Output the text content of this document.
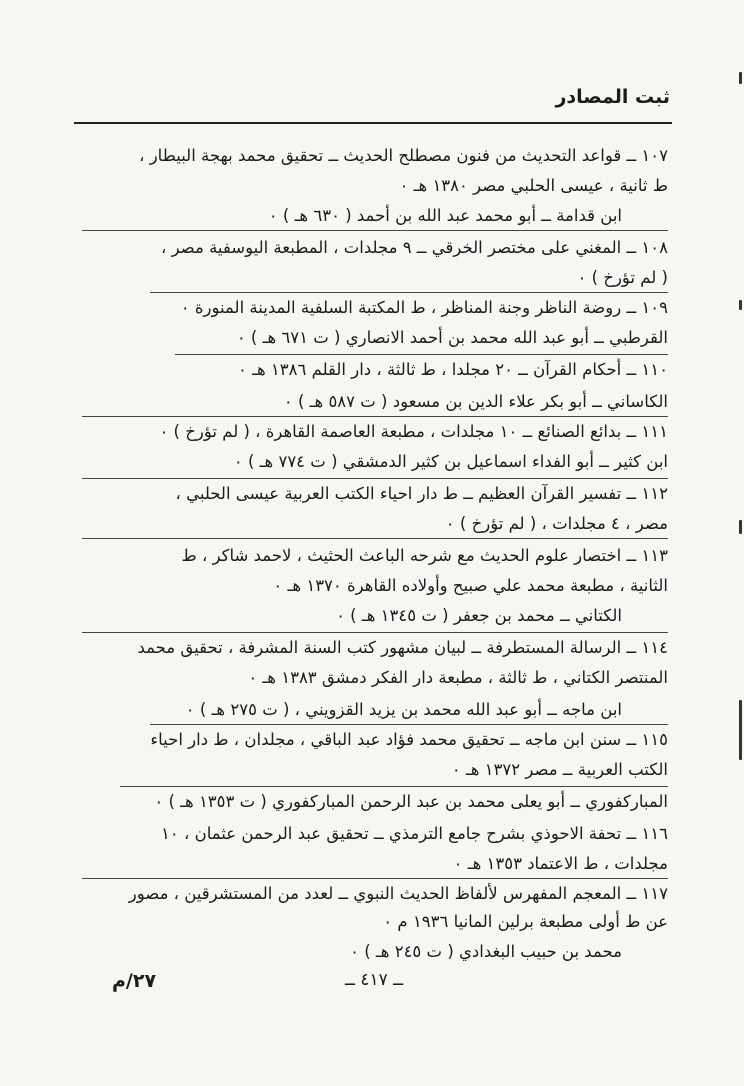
ثبت المصادر
١٠٧ ــ قواعد التحديث من فنون مصطلح الحديث ــ تحقيق محمد بهجة البيطار ،
ط ثانية ، عيسى الحلبي مصر ١٣٨٠ هـ ٠
ابن قدامة ــ أبو محمد عبد الله بن أحمد ( ٦٣٠ هـ ) ٠
١٠٨ ــ المغني على مختصر الخرقي ــ ٩ مجلدات ، المطبعة اليوسفية مصر ،
( لم تؤرخ ) ٠
١٠٩ ــ روضة الناظر وجنة المناظر ، ط المكتبة السلفية المدينة المنورة ٠
القرطبي ــ أبو عبد الله محمد بن أحمد الانصاري ( ت ٦٧١ هـ ) ٠
١١٠ ــ أحكام القرآن ــ ٢٠ مجلدا ، ط ثالثة ، دار القلم ١٣٨٦ هـ ٠
الكاساني ــ أبو بكر علاء الدين بن مسعود ( ت ٥٨٧ هـ ) ٠
١١١ ــ بدائع الصنائع ــ ١٠ مجلدات ، مطبعة العاصمة القاهرة ، ( لم تؤرخ ) ٠
ابن كثير ــ أبو الفداء اسماعيل بن كثير الدمشقي ( ت ٧٧٤ هـ ) ٠
١١٢ ــ تفسير القرآن العظيم ــ ط دار احياء الكتب العربية عيسى الحلبي ،
مصر ، ٤ مجلدات ، ( لم تؤرخ ) ٠
١١٣ ــ اختصار علوم الحديث مع شرحه الباعث الحثيث ، لاحمد شاكر ، ط
الثانية ، مطبعة محمد علي صبيح وأولاده القاهرة ١٣٧٠ هـ ٠
الكتاني ــ محمد بن جعفر ( ت ١٣٤٥ هـ ) ٠
١١٤ ــ الرسالة المستطرفة ــ لبيان مشهور كتب السنة المشرفة ، تحقيق محمد
المنتصر الكتاني ، ط ثالثة ، مطبعة دار الفكر دمشق ١٣٨٣ هـ ٠
ابن ماجه ــ أبو عبد الله محمد بن يزيد القزويني ، ( ت ٢٧٥ هـ ) ٠
١١٥ ــ سنن ابن ماجه ــ تحقيق محمد فؤاد عبد الباقي ، مجلدان ، ط دار احياء
الكتب العربية ــ مصر ١٣٧٢ هـ ٠
المباركفوري ــ أبو يعلى محمد بن عبد الرحمن المباركفوري ( ت ١٣٥٣ هـ ) ٠
١١٦ ــ تحفة الاحوذي بشرح جامع الترمذي ــ تحقيق عبد الرحمن عثمان ، ١٠
مجلدات ، ط الاعتماد ١٣٥٣ هـ ٠
١١٧ ــ المعجم المفهرس لألفاظ الحديث النبوي ــ لعدد من المستشرقين ، مصور
عن ط أولى مطبعة برلين المانيا ١٩٣٦ م ٠
محمد بن حبيب البغدادي ( ت ٢٤٥ هـ ) ٠
ــ ٤١٧ ــ
٢٧/م
